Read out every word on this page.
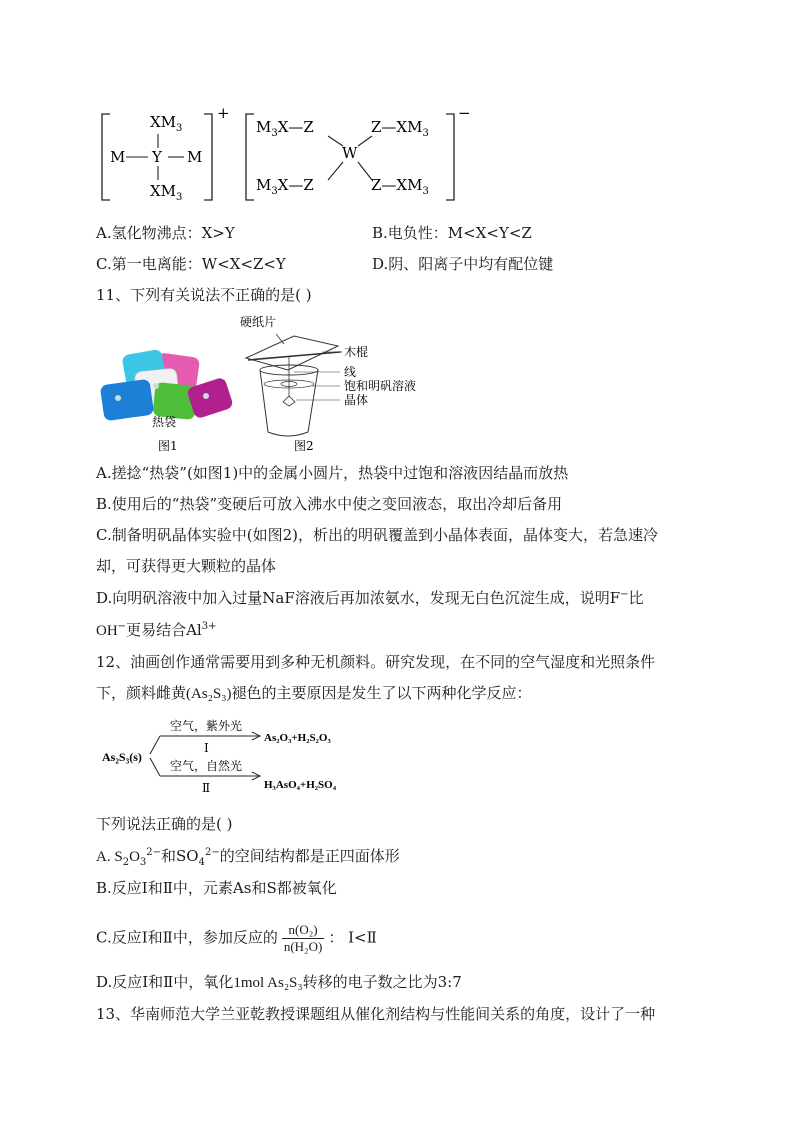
+
$XM_3$
M Y M
$XM_3$
−
$M_3X—Z$	$Z—XM_3$
W
$M_3X—Z$	$Z—XM_3$
A.氢化物沸点：X>Y	B.电负性：M<X<Y<Z
C.第一电离能：W<X<Z<Y	D.阴、阳离子中均有配位键
11、下列有关说法不正确的是( )
热袋
图1
硬纸片
木棍
线
饱和明矾溶液
晶体
图2
A.搓捻“热袋”(如图1)中的金属小圆片，热袋中过饱和溶液因结晶而放热
B.使用后的“热袋”变硬后可放入沸水中使之变回液态，取出冷却后备用
C.制备明矾晶体实验中(如图2)，析出的明矾覆盖到小晶体表面，晶体变大，若急速冷
却，可获得更大颗粒的晶体
D.向明矾溶液中加入过量NaF溶液后再加浓氨水，发现无白色沉淀生成，说明F−比
OH−更易结合$Al^{3+}$
12、油画创作通常需要用到多种无机颜料。研究发现，在不同的空气湿度和光照条件
下，颜料雌黄(As₂S₃)褪色的主要原因是发生了以下两种化学反应：
As₂S₃(s)
空气，紫外光
Ⅰ
As₂O₃+H₂S₂O₃
空气，自然光
Ⅱ	H₃AsO₄+H₂SO₄
下列说法正确的是( )
A. $S_2O_3^{2-}$和$SO_4^{2-}$的空间结构都是正四面体形
B.反应Ⅰ和Ⅱ中，元素As和S都被氧化
C.反应Ⅰ和Ⅱ中，参加反应的 $\frac{\text{n(O₂)}}{\text{n(H₂O)}}$ ： Ⅰ<Ⅱ
D.反应Ⅰ和Ⅱ中，氧化1mol As₂S₃转移的电子数之比为3:7
13、华南师范大学兰亚乾教授课题组从催化剂结构与性能间关系的角度，设计了一种
